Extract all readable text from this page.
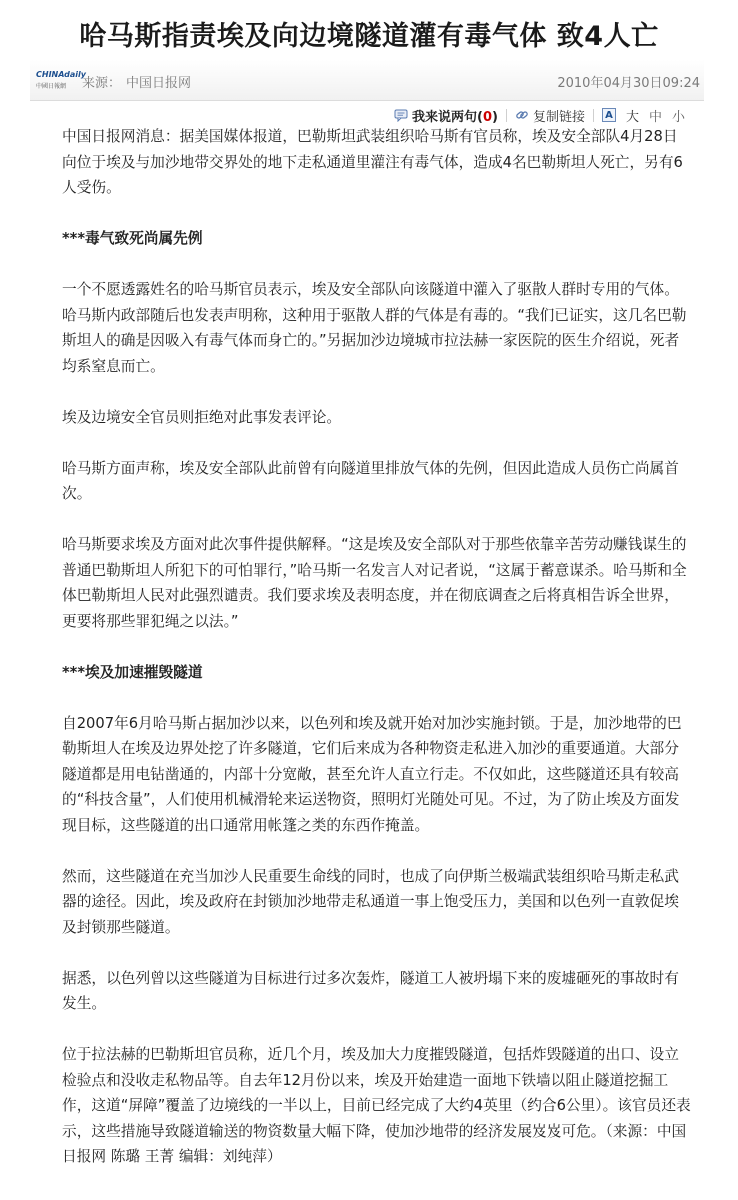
哈马斯指责埃及向边境隧道灌有毒气体 致4人亡
CHINAdaily
中國日報網 来源： 中国日报网	2010年04月30日09:24
我来说两句(0)	复制链接	A 大 中 小

中国日报网消息：据美国媒体报道，巴勒斯坦武装组织哈马斯有官员称，埃及安全部队4月28日向位于埃及与加沙地带交界处的地下走私通道里灌注有毒气体，造成4名巴勒斯坦人死亡，另有6人受伤。

***毒气致死尚属先例

一个不愿透露姓名的哈马斯官员表示，埃及安全部队向该隧道中灌入了驱散人群时专用的气体。哈马斯内政部随后也发表声明称，这种用于驱散人群的气体是有毒的。“我们已证实，这几名巴勒斯坦人的确是因吸入有毒气体而身亡的。”另据加沙边境城市拉法赫一家医院的医生介绍说，死者均系窒息而亡。

埃及边境安全官员则拒绝对此事发表评论。

哈马斯方面声称，埃及安全部队此前曾有向隧道里排放气体的先例，但因此造成人员伤亡尚属首次。

哈马斯要求埃及方面对此次事件提供解释。“这是埃及安全部队对于那些依靠辛苦劳动赚钱谋生的普通巴勒斯坦人所犯下的可怕罪行，”哈马斯一名发言人对记者说，“这属于蓄意谋杀。哈马斯和全体巴勒斯坦人民对此强烈谴责。我们要求埃及表明态度，并在彻底调查之后将真相告诉全世界，更要将那些罪犯绳之以法。”

***埃及加速摧毁隧道

自2007年6月哈马斯占据加沙以来，以色列和埃及就开始对加沙实施封锁。于是，加沙地带的巴勒斯坦人在埃及边界处挖了许多隧道，它们后来成为各种物资走私进入加沙的重要通道。大部分隧道都是用电钻凿通的，内部十分宽敞，甚至允许人直立行走。不仅如此，这些隧道还具有较高的“科技含量”，人们使用机械滑轮来运送物资，照明灯光随处可见。不过，为了防止埃及方面发现目标，这些隧道的出口通常用帐篷之类的东西作掩盖。

然而，这些隧道在充当加沙人民重要生命线的同时，也成了向伊斯兰极端武装组织哈马斯走私武器的途径。因此，埃及政府在封锁加沙地带走私通道一事上饱受压力，美国和以色列一直敦促埃及封锁那些隧道。

据悉，以色列曾以这些隧道为目标进行过多次轰炸，隧道工人被坍塌下来的废墟砸死的事故时有发生。

位于拉法赫的巴勒斯坦官员称，近几个月，埃及加大力度摧毁隧道，包括炸毁隧道的出口、设立检验点和没收走私物品等。自去年12月份以来，埃及开始建造一面地下铁墙以阻止隧道挖掘工作，这道“屏障”覆盖了边境线的一半以上，目前已经完成了大约4英里（约合6公里）。该官员还表示，这些措施导致隧道输送的物资数量大幅下降，使加沙地带的经济发展岌岌可危。（来源：中国日报网 陈璐 王菁 编辑：刘纯萍）
